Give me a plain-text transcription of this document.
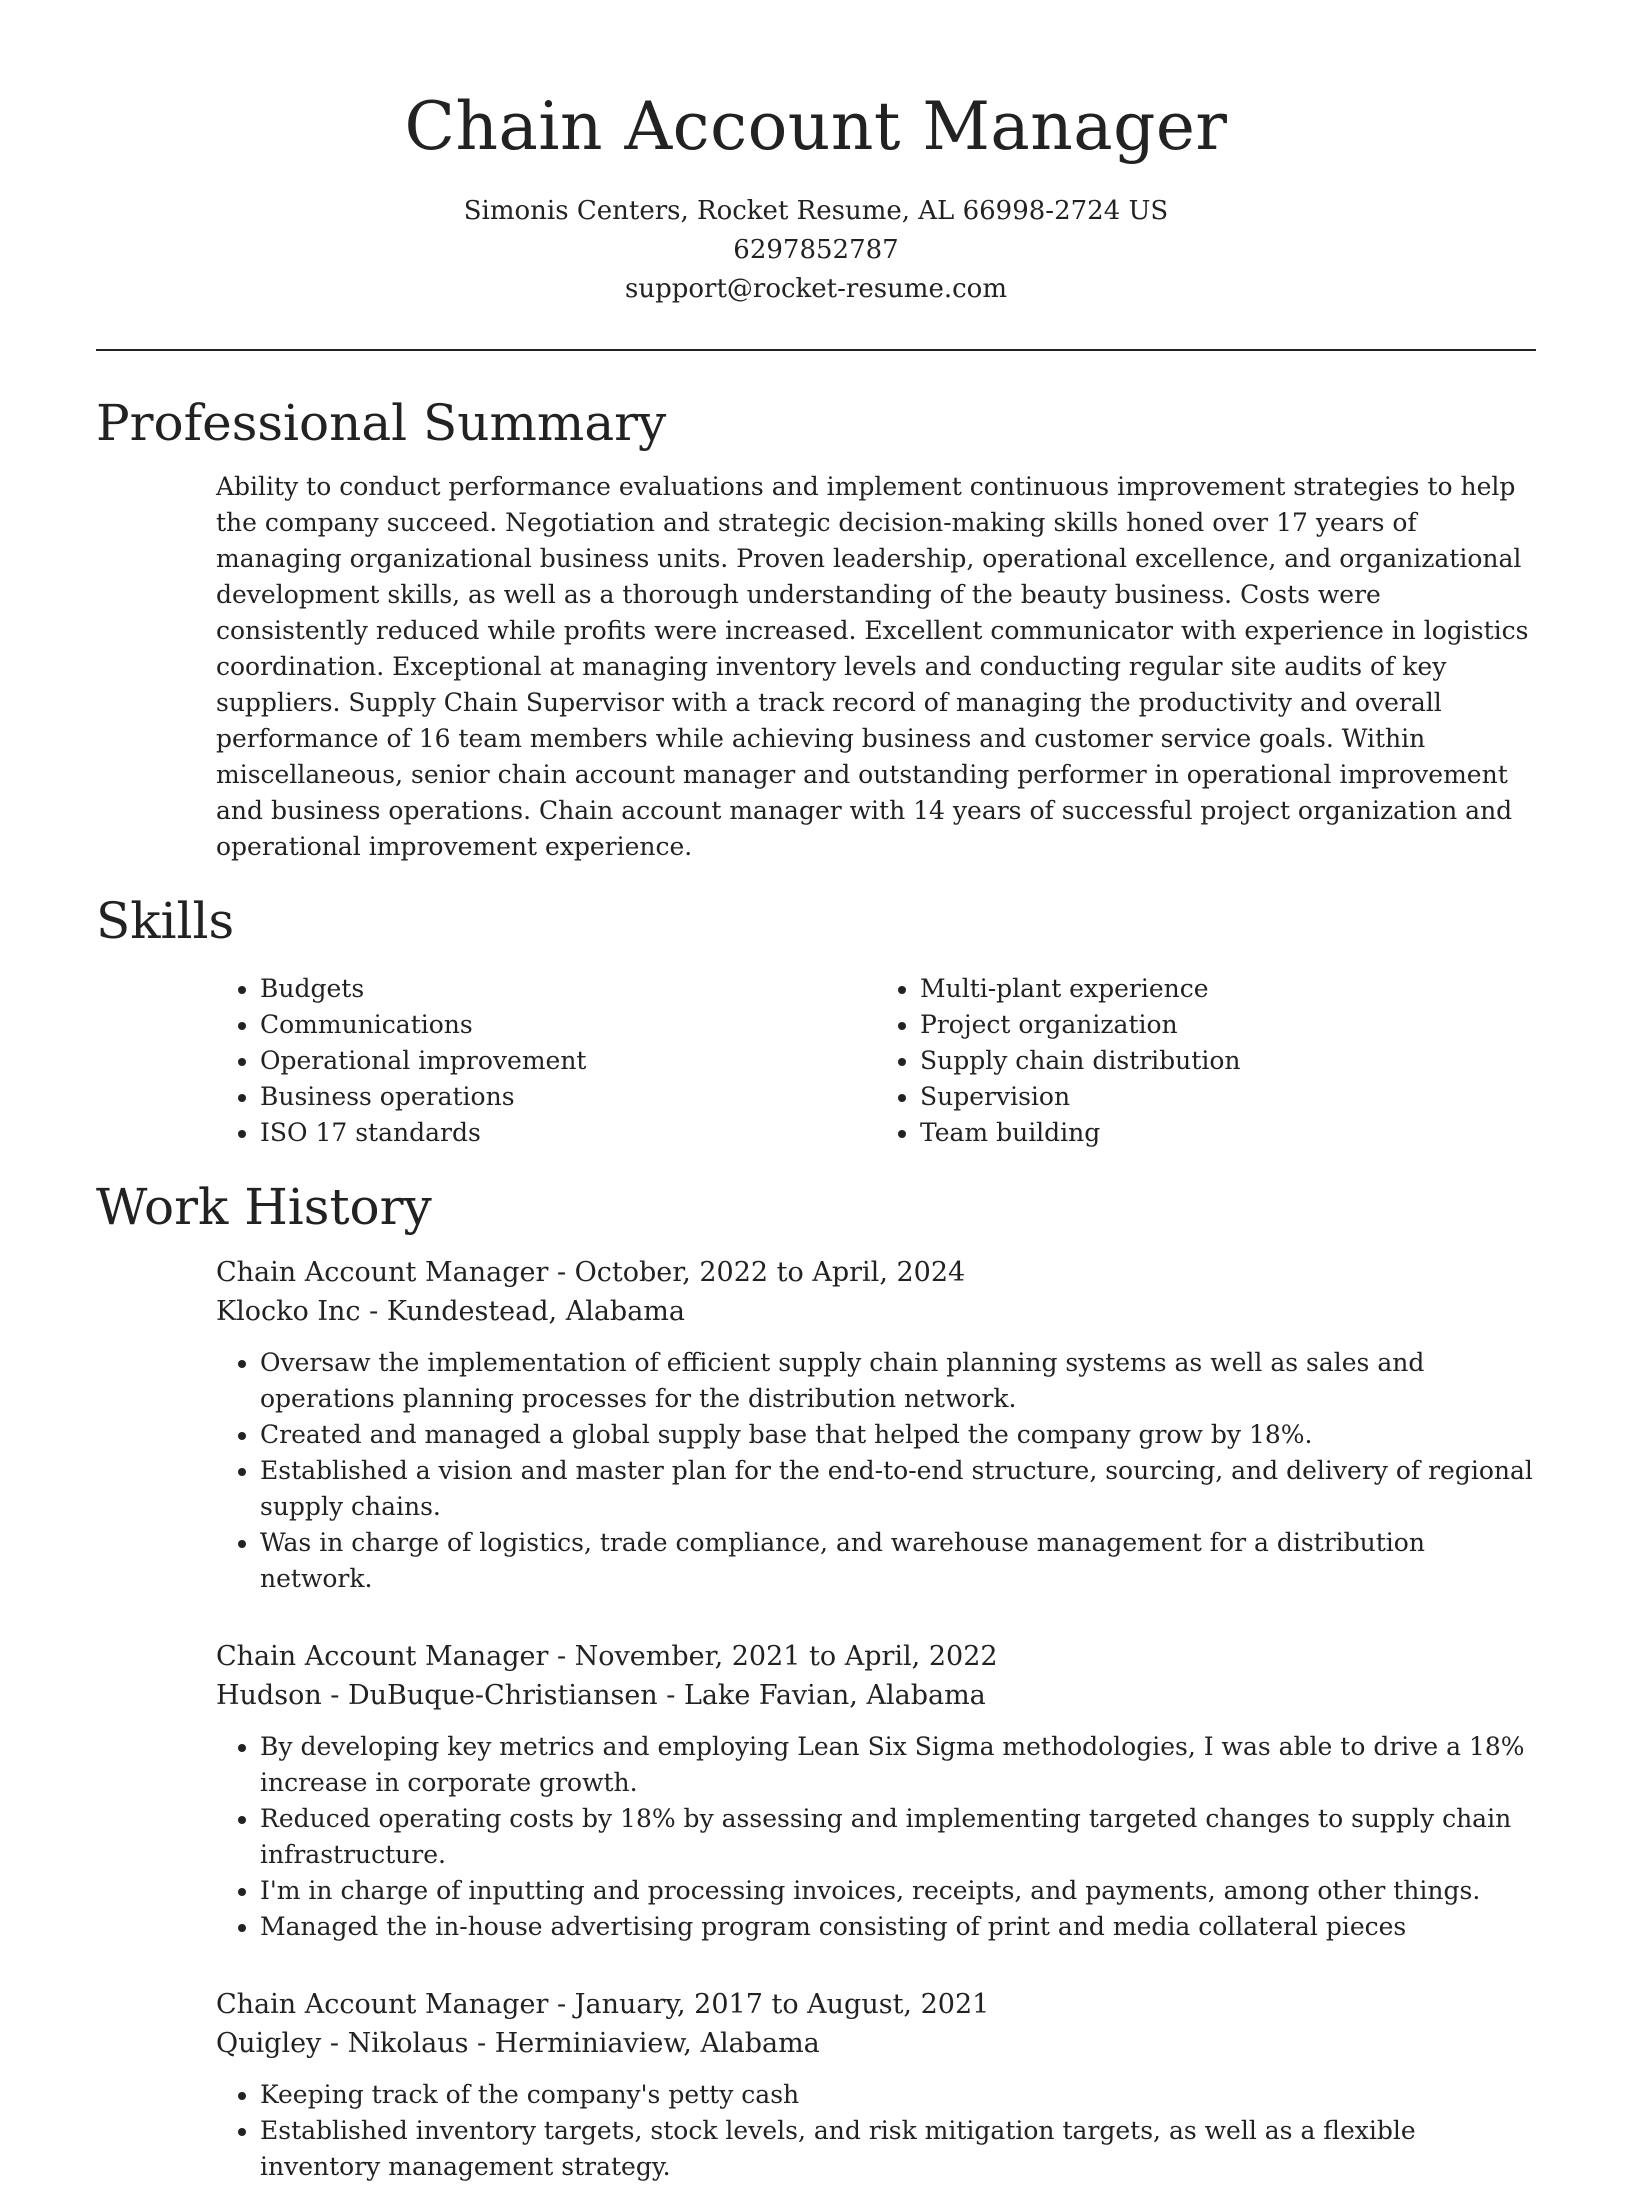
Chain Account Manager
Simonis Centers, Rocket Resume, AL 66998-2724 US
6297852787
support@rocket-resume.com
Professional Summary

Ability to conduct performance evaluations and implement continuous improvement strategies to help the company succeed. Negotiation and strategic decision-making skills honed over 17 years of managing organizational business units. Proven leadership, operational excellence, and organizational development skills, as well as a thorough understanding of the beauty business. Costs were consistently reduced while profits were increased. Excellent communicator with experience in logistics coordination. Exceptional at managing inventory levels and conducting regular site audits of key suppliers. Supply Chain Supervisor with a track record of managing the productivity and overall performance of 16 team members while achieving business and customer service goals. Within miscellaneous, senior chain account manager and outstanding performer in operational improvement and business operations. Chain account manager with 14 years of successful project organization and operational improvement experience.

Skills
• Budgets
• Communications
• Operational improvement
• Business operations
• ISO 17 standards
• Multi-plant experience
• Project organization
• Supply chain distribution
• Supervision
• Team building
Work History
Chain Account Manager - October, 2022 to April, 2024
Klocko Inc - Kundestead, Alabama
• Oversaw the implementation of efficient supply chain planning systems as well as sales and operations planning processes for the distribution network.
• Created and managed a global supply base that helped the company grow by 18%.
• Established a vision and master plan for the end-to-end structure, sourcing, and delivery of regional supply chains.
• Was in charge of logistics, trade compliance, and warehouse management for a distribution network.
Chain Account Manager - November, 2021 to April, 2022
Hudson - DuBuque-Christiansen - Lake Favian, Alabama
• By developing key metrics and employing Lean Six Sigma methodologies, I was able to drive a 18% increase in corporate growth.
• Reduced operating costs by 18% by assessing and implementing targeted changes to supply chain infrastructure.
• I'm in charge of inputting and processing invoices, receipts, and payments, among other things.
• Managed the in-house advertising program consisting of print and media collateral pieces
Chain Account Manager - January, 2017 to August, 2021
Quigley - Nikolaus - Herminiaview, Alabama
• Keeping track of the company's petty cash
• Established inventory targets, stock levels, and risk mitigation targets, as well as a flexible inventory management strategy.
